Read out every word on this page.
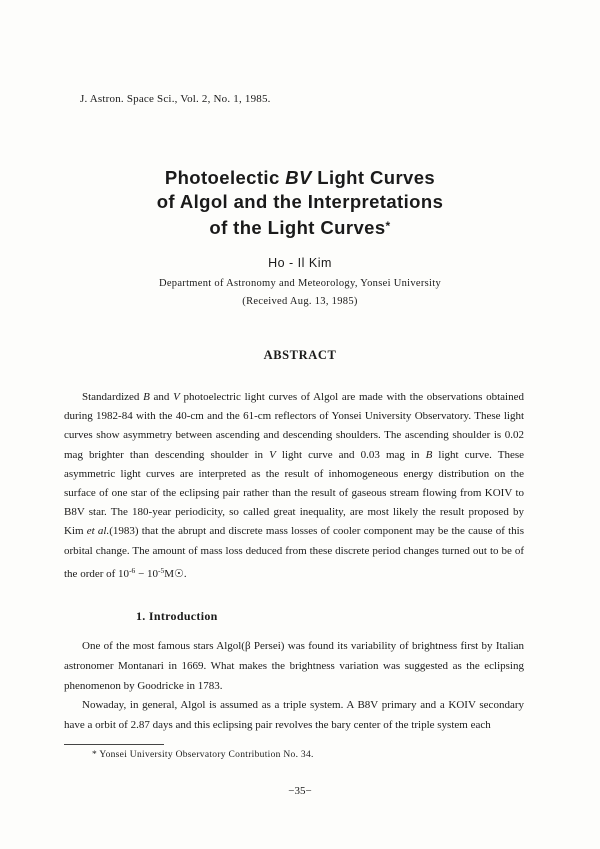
J. Astron. Space Sci., Vol. 2, No. 1, 1985.
Photoelectic BV Light Curves
of Algol and the Interpretations
of the Light Curves*
Ho - Il Kim
Department of Astronomy and Meteorology, Yonsei University
(Received Aug. 13, 1985)
ABSTRACT

Standardized B and V photoelectric light curves of Algol are made with the observations obtained during 1982-84 with the 40-cm and the 61-cm reflectors of Yonsei University Observatory. These light curves show asymmetry between ascending and descending shoulders. The ascending shoulder is 0.02 mag brighter than descending shoulder in V light curve and 0.03 mag in B light curve. These asymmetric light curves are interpreted as the result of inhomogeneous energy distribution on the surface of one star of the eclipsing pair rather than the result of gaseous stream flowing from KOIV to B8V star. The 180-year periodicity, so called great inequality, are most likely the result proposed by Kim et al.(1983) that the abrupt and discrete mass losses of cooler component may be the cause of this orbital change. The amount of mass loss deduced from these discrete period changes turned out to be of the order of $10^{-6}$ − $10^{-5}M☉$.

1. Introduction

One of the most famous stars Algol(β Persei) was found its variability of brightness first by Italian astronomer Montanari in 1669. What makes the brightness variation was suggested as the eclipsing phenomenon by Goodricke in 1783.

Nowaday, in general, Algol is assumed as a triple system. A B8V primary and a KOIV secondary have a orbit of 2.87 days and this eclipsing pair revolves the bary center of the triple system each

* Yonsei University Observatory Contribution No. 34.
−35−
